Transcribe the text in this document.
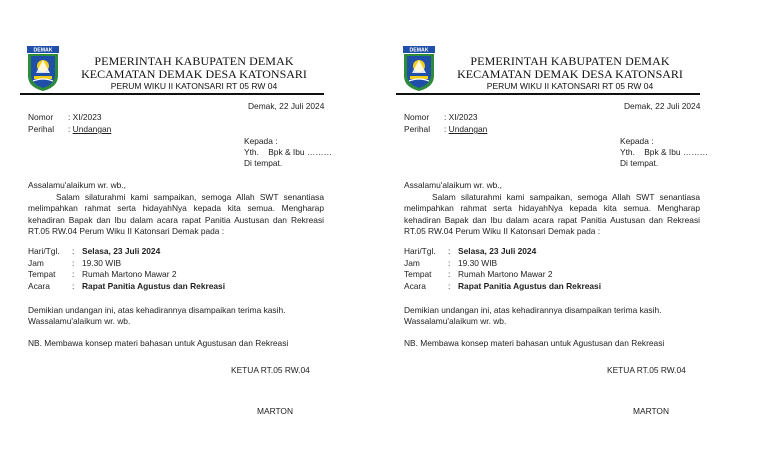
DEMAK
PEMERINTAH KABUPATEN DEMAK
KECAMATAN DEMAK DESA KATONSARI
PERUM WIKU II KATONSARI RT 05 RW 04
Demak, 22 Juli 2024
Nomor : XI/2023
Perihal : Undangan
Kepada :
Yth.    Bpk & Ibu ………
Di tempat.

Assalamu'alaikum wr. wb.,

Salam silaturahmi kami sampaikan, semoga Allah SWT senantiasa melimpahkan rahmat serta hidayahNya kepada kita semua. Mengharap kehadiran Bapak dan Ibu dalam acara rapat Panitia Austusan dan Rekreasi RT.05 RW.04 Perum Wiku II Katonsari Demak pada :

Hari/Tgl.	: Selasa, 23 Juli 2024
Jam	: 19.30 WIB
Tempat	: Rumah Martono Mawar 2
Acara	: Rapat Panitia Agustus dan Rekreasi
Demikian undangan ini, atas kehadirannya disampaikan terima kasih.
Wassalamu'alaikum wr. wb.
NB. Membawa konsep materi bahasan untuk Agustusan dan Rekreasi
KETUA RT.05 RW.04
MARTON
DEMAK
PEMERINTAH KABUPATEN DEMAK
KECAMATAN DEMAK DESA KATONSARI
PERUM WIKU II KATONSARI RT 05 RW 04
Demak, 22 Juli 2024
Nomor : XI/2023
Perihal : Undangan
Kepada :
Yth.    Bpk & Ibu ………
Di tempat.

Assalamu'alaikum wr. wb.,

Salam silaturahmi kami sampaikan, semoga Allah SWT senantiasa melimpahkan rahmat serta hidayahNya kepada kita semua. Mengharap kehadiran Bapak dan Ibu dalam acara rapat Panitia Austusan dan Rekreasi RT.05 RW.04 Perum Wiku II Katonsari Demak pada :

Hari/Tgl.	: Selasa, 23 Juli 2024
Jam	: 19.30 WIB
Tempat	: Rumah Martono Mawar 2
Acara	: Rapat Panitia Agustus dan Rekreasi
Demikian undangan ini, atas kehadirannya disampaikan terima kasih.
Wassalamu'alaikum wr. wb.
NB. Membawa konsep materi bahasan untuk Agustusan dan Rekreasi
KETUA RT.05 RW.04
MARTON
